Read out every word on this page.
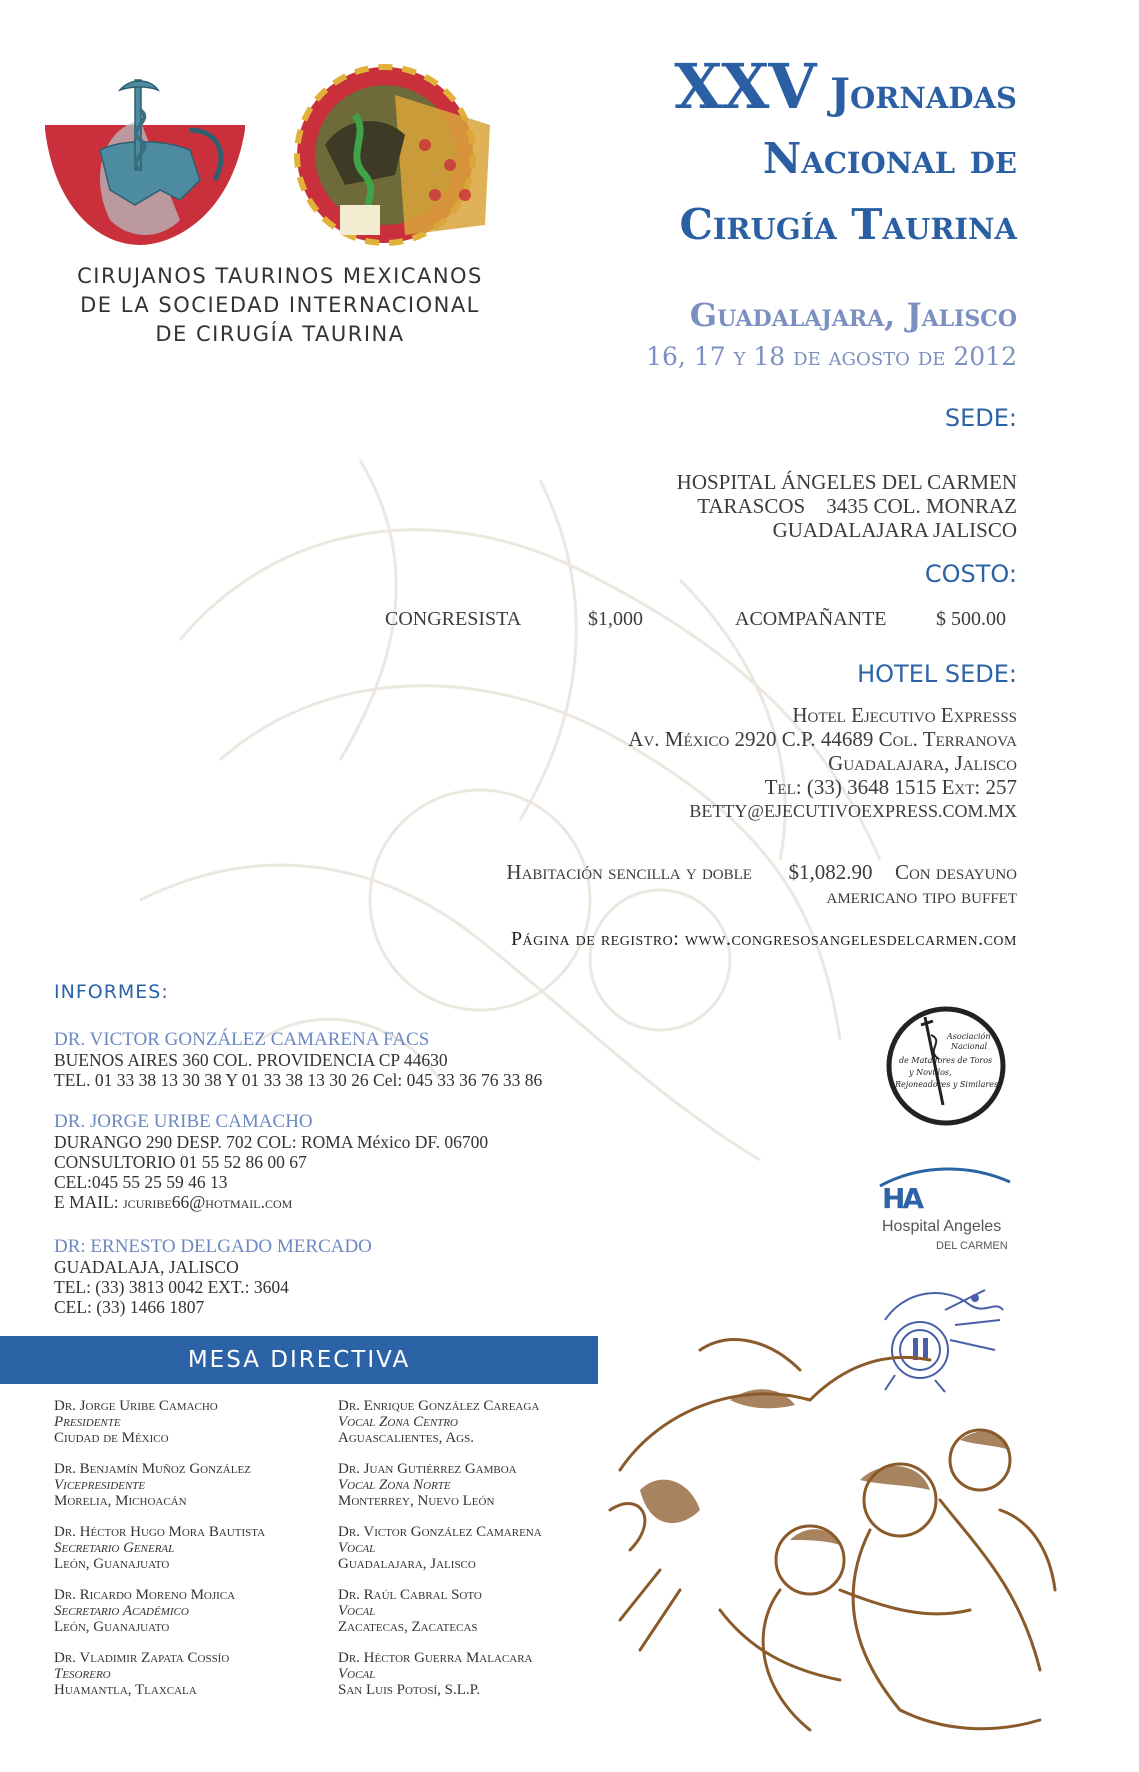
CIRUJANOS TAURINOS MEXICANOS
DE LA SOCIEDAD INTERNACIONAL
DE CIRUGÍA TAURINA
XXV Jornadas
Nacional de
Cirugía Taurina
Guadalajara, Jalisco
16, 17 y 18 de agosto de 2012
SEDE:
HOSPITAL ÁNGELES DEL CARMEN
TARASCOS    3435 COL. MONRAZ
GUADALAJARA JALISCO
COSTO:
CONGRESISTA	$1,000	ACOMPAÑANTE $ 500.00
HOTEL SEDE:
Hotel Ejecutivo Expresss
Av. México 2920 C.P. 44689 Col. Terranova
Guadalajara, Jalisco
Tel: (33) 3648 1515 Ext: 257
BETTY@EJECUTIVOEXPRESS.COM.MX
Habitación sencilla y doble $1,082.90 Con desayuno
americano tipo buffet
Página de registro: www.congresosangelesdelcarmen.com
INFORMES:
DR. VICTOR GONZÁLEZ CAMARENA FACS
BUENOS AIRES 360 COL. PROVIDENCIA CP 44630
TEL. 01 33 38 13 30 38 Y 01 33 38 13 30 26 Cel: 045 33 36 76 33 86
DR. JORGE URIBE CAMACHO
DURANGO 290 DESP. 702 COL: ROMA México DF. 06700
CONSULTORIO 01 55 52 86 00 67
CEL:045 55 25 59 46 13
E MAIL: jcuribe66@hotmail.com
DR: ERNESTO DELGADO MERCADO
GUADALAJA, JALISCO
TEL: (33) 3813 0042 EXT.: 3604
CEL: (33) 1466 1807
MESA DIRECTIVA
Dr. Jorge Uribe Camacho
Presidente
Ciudad de México
Dr. Benjamín Muñoz González
Vicepresidente
Morelia, Michoacán
Dr. Héctor Hugo Mora Bautista
Secretario General
León, Guanajuato
Dr. Ricardo Moreno Mojica
Secretario Académico
León, Guanajuato
Dr. Vladimir Zapata Cossío
Tesorero
Huamantla, Tlaxcala
Dr. Enrique González Careaga
Vocal Zona Centro
Aguascalientes, Ags.
Dr. Juan Gutiérrez Gamboa
Vocal Zona Norte
Monterrey, Nuevo León
Dr. Victor González Camarena
Vocal
Guadalajara, Jalisco
Dr. Raúl Cabral Soto
Vocal
Zacatecas, Zacatecas
Dr. Héctor Guerra Malacara
Vocal
San Luis Potosí, S.L.P.
Asociación
Nacional
de Matadores de Toros
y Novillos,
Rejoneadores y Similares
HA
Hospital Angeles
DEL CARMEN
